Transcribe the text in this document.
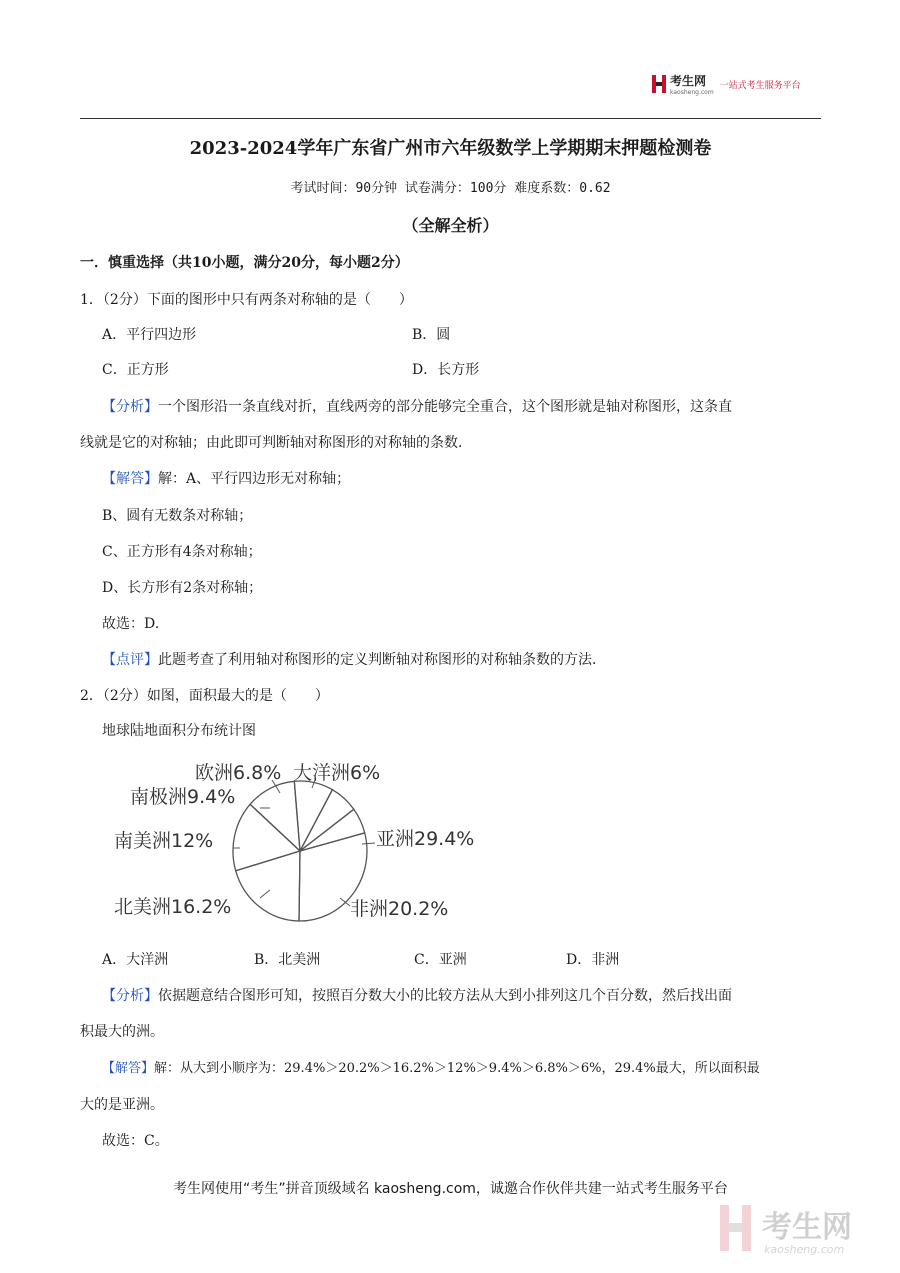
考生网
kaosheng.com
一站式考生服务平台
2023-2024学年广东省广州市六年级数学上学期期末押题检测卷
考试时间：90分钟 试卷满分：100分 难度系数：0.62
（全解全析）
一．慎重选择（共10小题，满分20分，每小题2分）
1．（2分）下面的图形中只有两条对称轴的是（　　）
A．平行四边形	B．圆
C．正方形	D．长方形
【分析】一个图形沿一条直线对折，直线两旁的部分能够完全重合，这个图形就是轴对称图形，这条直
线就是它的对称轴；由此即可判断轴对称图形的对称轴的条数．
【解答】解：A、平行四边形无对称轴；
B、圆有无数条对称轴；
C、正方形有4条对称轴；
D、长方形有2条对称轴；
故选：D.
【点评】此题考查了利用轴对称图形的定义判断轴对称图形的对称轴条数的方法．
2．（2分）如图，面积最大的是（　　）
地球陆地面积分布统计图
欧洲6.8% 大洋洲6%
南极洲9.4%
南美洲12%	亚洲29.4%
北美洲16.2%	非洲20.2%
A．大洋洲	B．北美洲	C．亚洲	D．非洲
【分析】依据题意结合图形可知，按照百分数大小的比较方法从大到小排列这几个百分数，然后找出面
积最大的洲。
【解答】解：从大到小顺序为：29.4%＞20.2%＞16.2%＞12%＞9.4%＞6.8%＞6%，29.4%最大，所以面积最
大的是亚洲。
故选：C。
考生网使用“考生”拼音顶级域名 kaosheng.com，诚邀合作伙伴共建一站式考生服务平台
考生网
kaosheng.com
